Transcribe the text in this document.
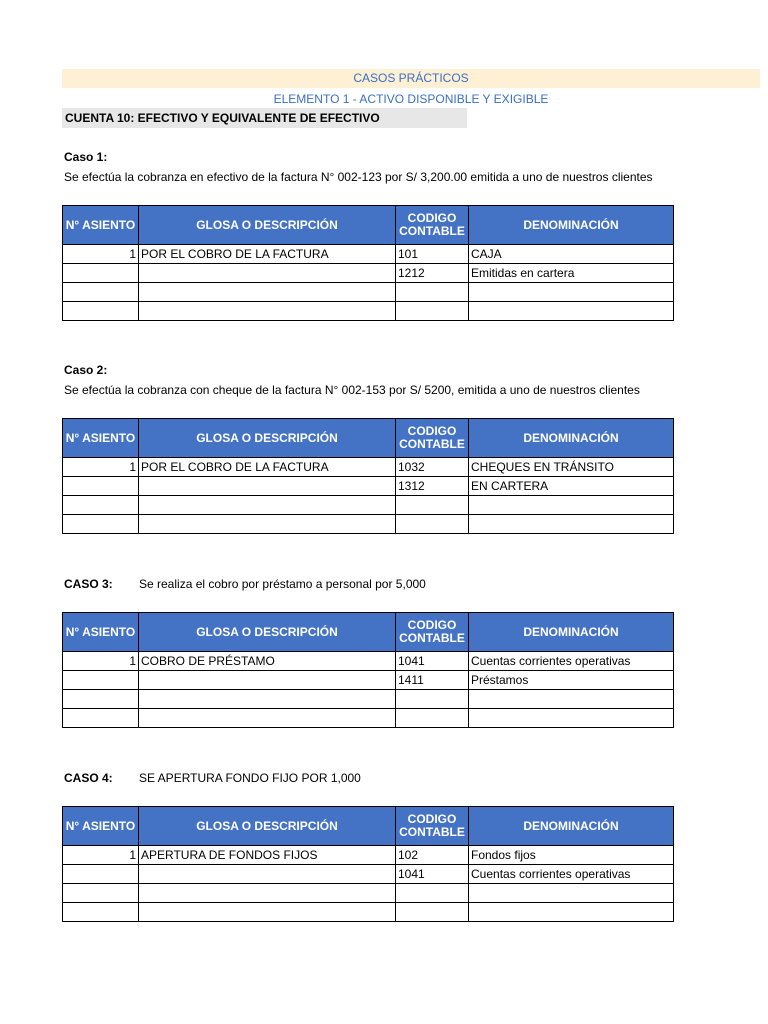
CASOS PRÁCTICOS
ELEMENTO 1 - ACTIVO DISPONIBLE Y EXIGIBLE
CUENTA 10: EFECTIVO Y EQUIVALENTE DE EFECTIVO
Caso 1:
Se efectúa la cobranza en efectivo de la factura N° 002-123 por S/ 3,200.00 emitida a uno de nuestros clientes
N° ASIENTO	GLOSA O DESCRIPCIÓN	CODIGO CONTABLE	DENOMINACIÓN
1	POR EL COBRO DE LA FACTURA	101	CAJA
		1212	Emitidas en cartera

Caso 2:
Se efectúa la cobranza con cheque de la factura N° 002-153 por S/ 5200, emitida a uno de nuestros clientes
N° ASIENTO	GLOSA O DESCRIPCIÓN	CODIGO CONTABLE	DENOMINACIÓN
1	POR EL COBRO DE LA FACTURA	1032	CHEQUES EN TRÁNSITO
		1312	EN CARTERA

CASO 3: Se realiza el cobro por préstamo a personal por 5,000
N° ASIENTO	GLOSA O DESCRIPCIÓN	CODIGO CONTABLE	DENOMINACIÓN
1	COBRO DE PRÉSTAMO	1041	Cuentas corrientes operativas
		1411	Préstamos

CASO 4: SE APERTURA FONDO FIJO POR 1,000
N° ASIENTO	GLOSA O DESCRIPCIÓN	CODIGO CONTABLE	DENOMINACIÓN
1	APERTURA DE FONDOS FIJOS	102	Fondos fijos
		1041	Cuentas corrientes operativas
